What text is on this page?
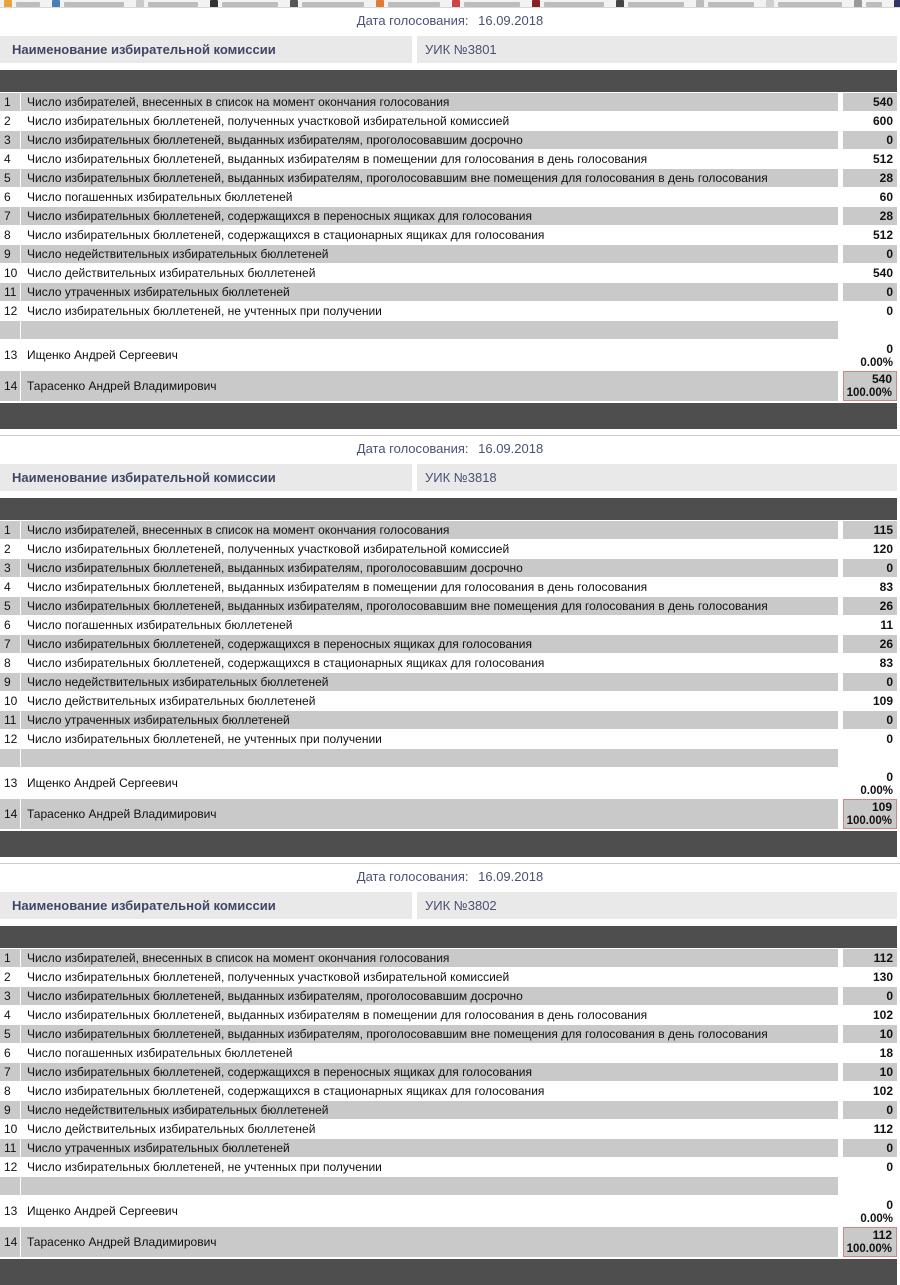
Дата голосования: 16.09.2018
Наименование избирательной комиссии	УИК №3801
1	Число избирателей, внесенных в список на момент окончания голосования	540
2	Число избирательных бюллетеней, полученных участковой избирательной комиссией	600
3	Число избирательных бюллетеней, выданных избирателям, проголосовавшим досрочно	0
4	Число избирательных бюллетеней, выданных избирателям в помещении для голосования в день голосования	512
5	Число избирательных бюллетеней, выданных избирателям, проголосовавшим вне помещения для голосования в день голосования	28
6	Число погашенных избирательных бюллетеней	60
7	Число избирательных бюллетеней, содержащихся в переносных ящиках для голосования	28
8	Число избирательных бюллетеней, содержащихся в стационарных ящиках для голосования	512
9	Число недействительных избирательных бюллетеней	0
10 Число действительных избирательных бюллетеней	540
11 Число утраченных избирательных бюллетеней	0
12 Число избирательных бюллетеней, не учтенных при получении	0
13 Ищенко Андрей Сергеевич	0
0.00%
14 Тарасенко Андрей Владимирович	540
100.00%
Дата голосования: 16.09.2018
Наименование избирательной комиссии	УИК №3818
1	Число избирателей, внесенных в список на момент окончания голосования	115
2	Число избирательных бюллетеней, полученных участковой избирательной комиссией	120
3	Число избирательных бюллетеней, выданных избирателям, проголосовавшим досрочно	0
4	Число избирательных бюллетеней, выданных избирателям в помещении для голосования в день голосования	83
5	Число избирательных бюллетеней, выданных избирателям, проголосовавшим вне помещения для голосования в день голосования	26
6	Число погашенных избирательных бюллетеней	11
7	Число избирательных бюллетеней, содержащихся в переносных ящиках для голосования	26
8	Число избирательных бюллетеней, содержащихся в стационарных ящиках для голосования	83
9	Число недействительных избирательных бюллетеней	0
10 Число действительных избирательных бюллетеней	109
11 Число утраченных избирательных бюллетеней	0
12 Число избирательных бюллетеней, не учтенных при получении	0
13 Ищенко Андрей Сергеевич	0
0.00%
14 Тарасенко Андрей Владимирович	109
100.00%
Дата голосования: 16.09.2018
Наименование избирательной комиссии	УИК №3802
1	Число избирателей, внесенных в список на момент окончания голосования	112
2	Число избирательных бюллетеней, полученных участковой избирательной комиссией	130
3	Число избирательных бюллетеней, выданных избирателям, проголосовавшим досрочно	0
4	Число избирательных бюллетеней, выданных избирателям в помещении для голосования в день голосования	102
5	Число избирательных бюллетеней, выданных избирателям, проголосовавшим вне помещения для голосования в день голосования	10
6	Число погашенных избирательных бюллетеней	18
7	Число избирательных бюллетеней, содержащихся в переносных ящиках для голосования	10
8	Число избирательных бюллетеней, содержащихся в стационарных ящиках для голосования	102
9	Число недействительных избирательных бюллетеней	0
10 Число действительных избирательных бюллетеней	112
11 Число утраченных избирательных бюллетеней	0
12 Число избирательных бюллетеней, не учтенных при получении	0
13 Ищенко Андрей Сергеевич	0
0.00%
14 Тарасенко Андрей Владимирович	112
100.00%
